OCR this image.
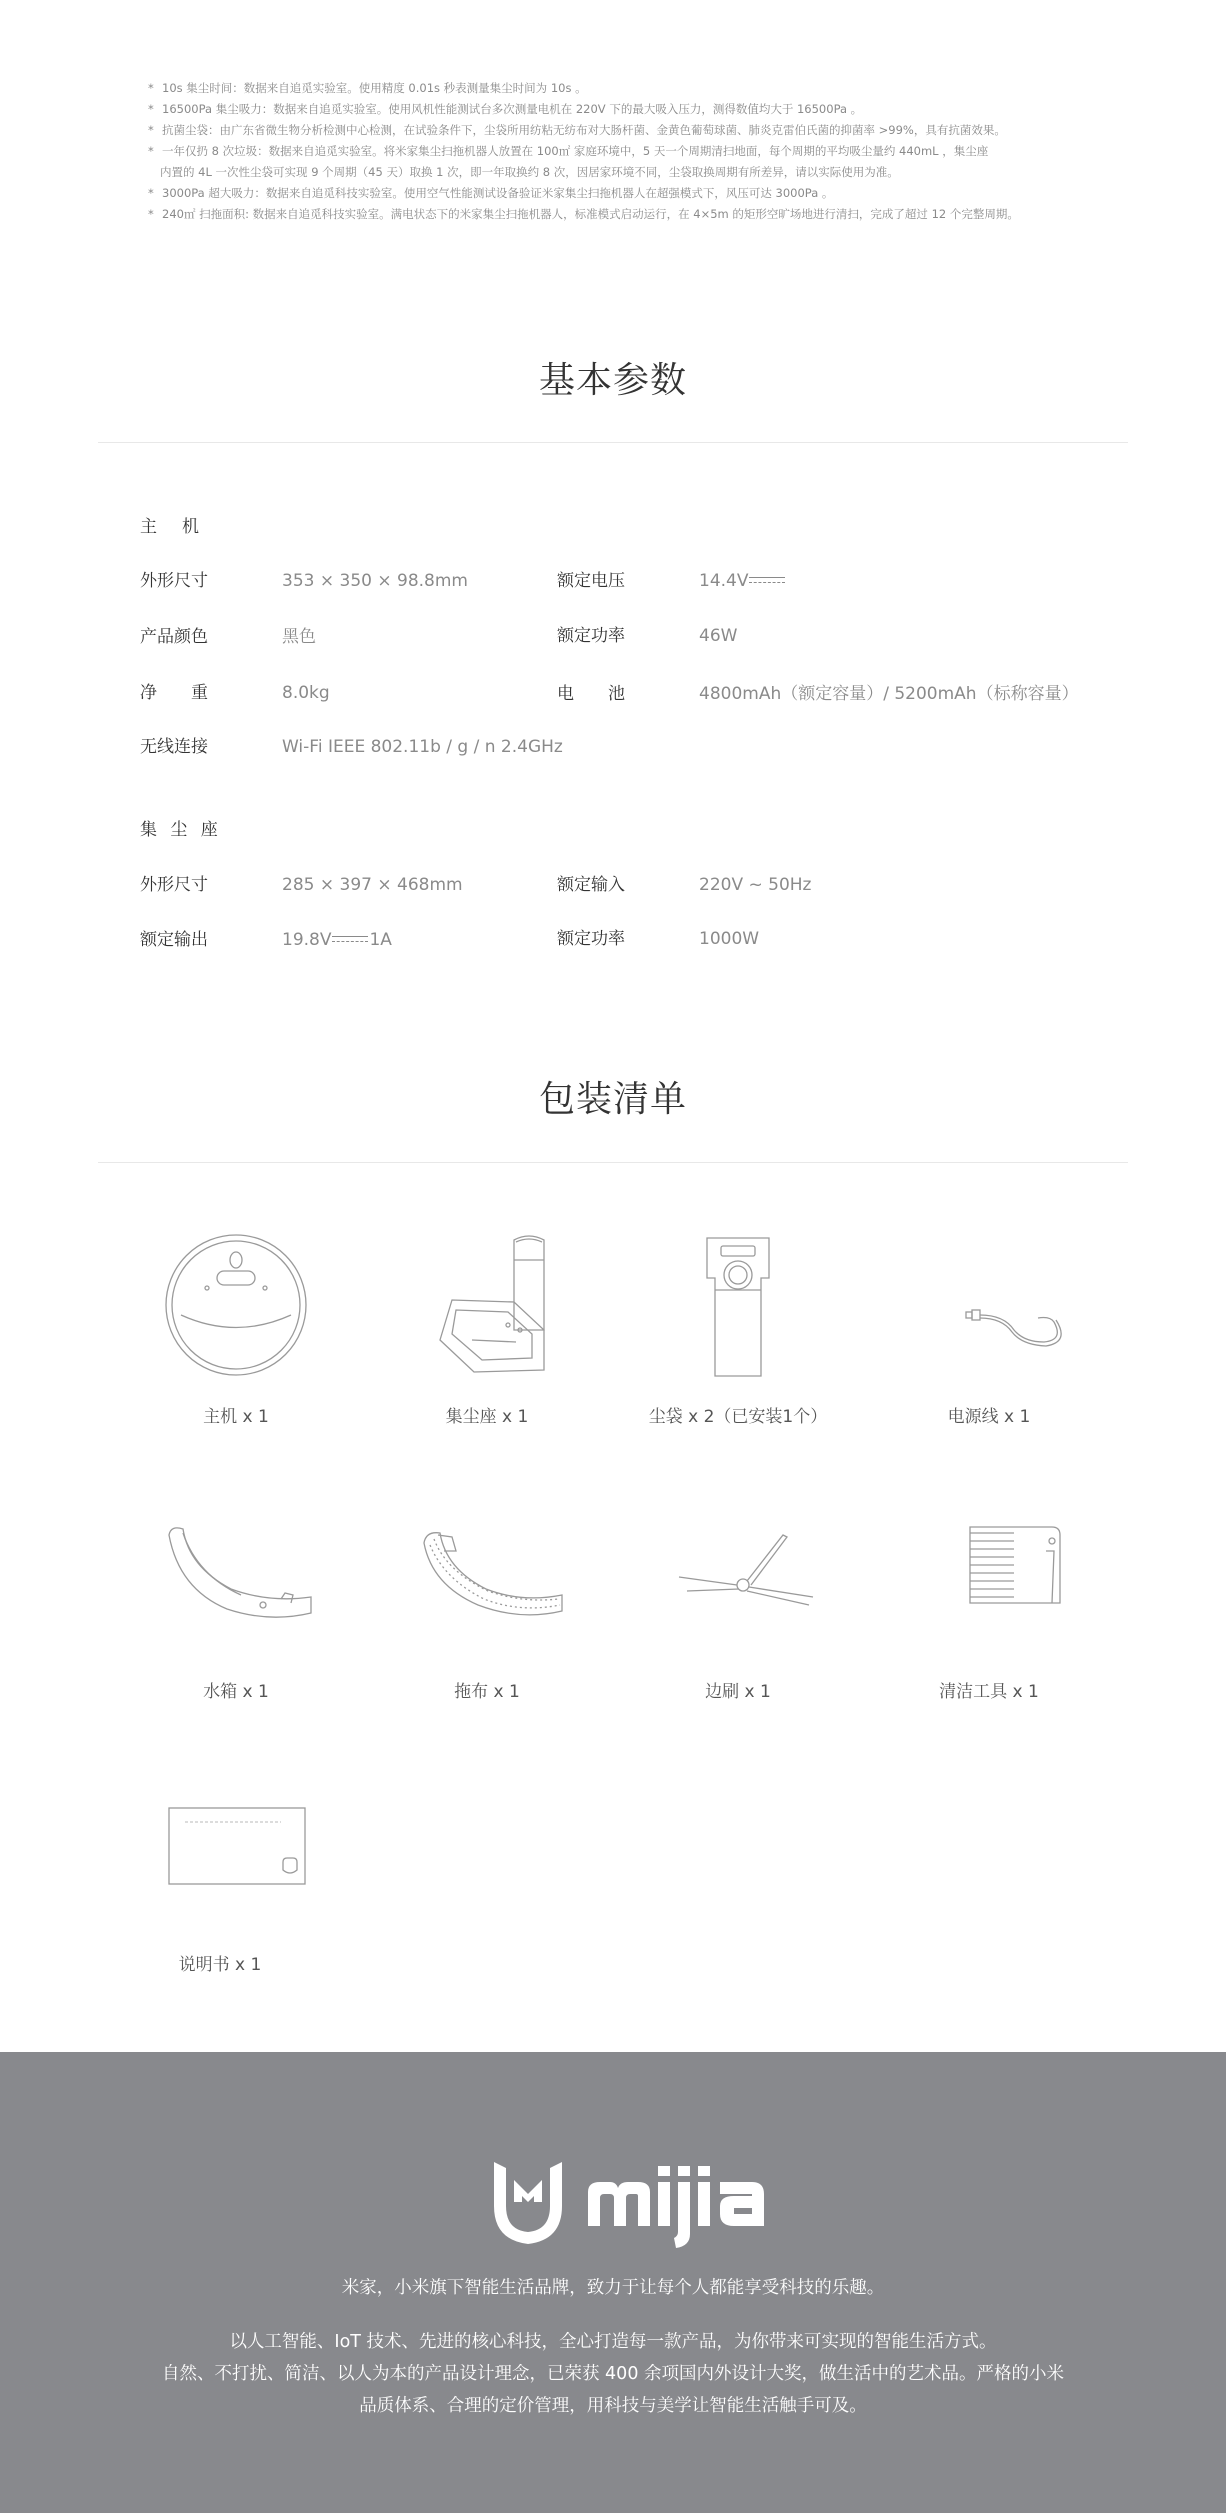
* 10s 集尘时间：数据来自追觅实验室。使用精度 0.01s 秒表测量集尘时间为 10s 。
* 16500Pa 集尘吸力：数据来自追觅实验室。使用风机性能测试台多次测量电机在 220V 下的最大吸入压力，测得数值均大于 16500Pa 。
* 抗菌尘袋：由广东省微生物分析检测中心检测，在试验条件下，尘袋所用纺粘无纺布对大肠杆菌、金黄色葡萄球菌、肺炎克雷伯氏菌的抑菌率 >99%，具有抗菌效果。
* 一年仅扔 8 次垃圾：数据来自追觅实验室。将米家集尘扫拖机器人放置在 100㎡ 家庭环境中，5 天一个周期清扫地面，每个周期的平均吸尘量约 440mL ，集尘座
内置的 4L 一次性尘袋可实现 9 个周期（45 天）取换 1 次，即一年取换约 8 次，因居家环境不同，尘袋取换周期有所差异，请以实际使用为准。
* 3000Pa 超大吸力：数据来自追觅科技实验室。使用空气性能测试设备验证米家集尘扫拖机器人在超强模式下，风压可达 3000Pa 。
* 240㎡ 扫拖面积: 数据来自追觅科技实验室。满电状态下的米家集尘扫拖机器人，标准模式启动运行，在 4×5m 的矩形空旷场地进行清扫，完成了超过 12 个完整周期。
基本参数
主　机
外形尺寸	353 × 350 × 98.8mm	额定电压	14.4V
产品颜色	黑色	额定功率	46W
净　　重	8.0kg	电　　池	4800mAh（额定容量）/ 5200mAh（标称容量）
无线连接	Wi-Fi IEEE 802.11b / g / n 2.4GHz
集 尘 座
外形尺寸	285 × 397 × 468mm	额定输入	220V ~ 50Hz
额定输出	19.8V 1A	额定功率	1000W
包装清单
主机 x 1	集尘座 x 1	尘袋 x 2（已安装1个）	电源线 x 1
水箱 x 1	拖布 x 1	边刷 x 1	清洁工具 x 1
说明书 x 1
mijia
米家，小米旗下智能生活品牌，致力于让每个人都能享受科技的乐趣。
以人工智能、IoT 技术、先进的核心科技，全心打造每一款产品，为你带来可实现的智能生活方式。
自然、不打扰、简洁、以人为本的产品设计理念，已荣获 400 余项国内外设计大奖，做生活中的艺术品。严格的小米
品质体系、合理的定价管理，用科技与美学让智能生活触手可及。
